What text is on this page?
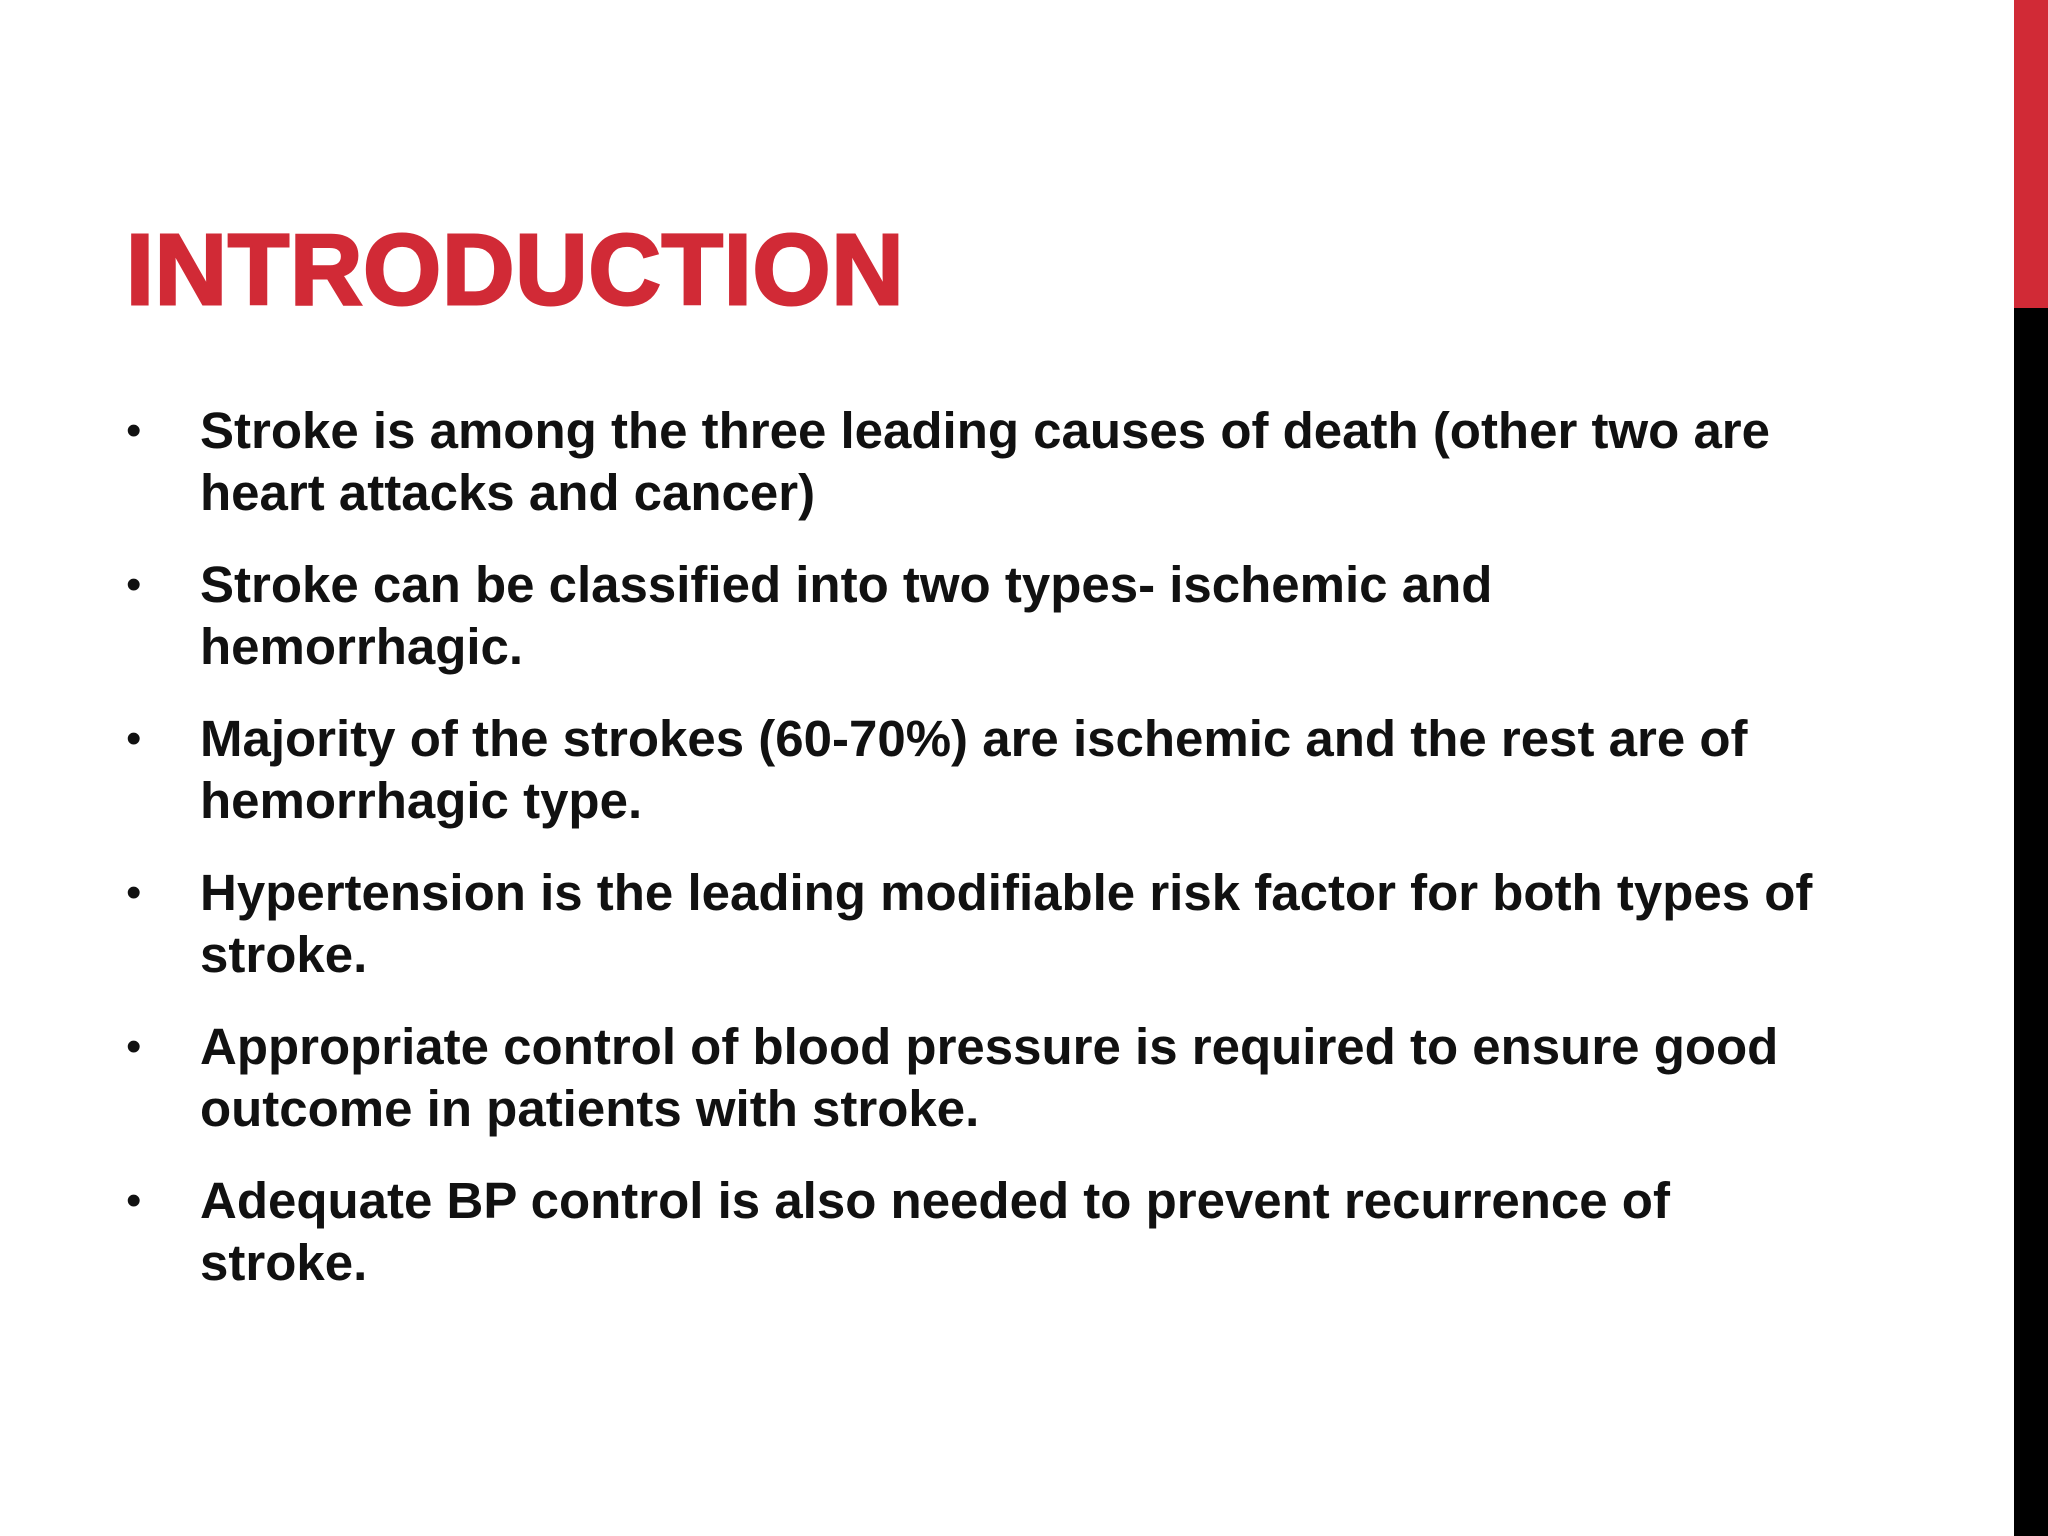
INTRODUCTION
•	Stroke is among the three leading causes of death (other two are heart attacks and cancer)
•	Stroke can be classified into two types- ischemic and hemorrhagic.
•	Majority of the strokes (60-70%) are ischemic and the rest are of hemorrhagic type.
•	Hypertension is the leading modifiable risk factor for both types of stroke.
•	Appropriate control of blood pressure is required to ensure good outcome in patients with stroke.
•	Adequate BP control is also needed to prevent recurrence of stroke.
